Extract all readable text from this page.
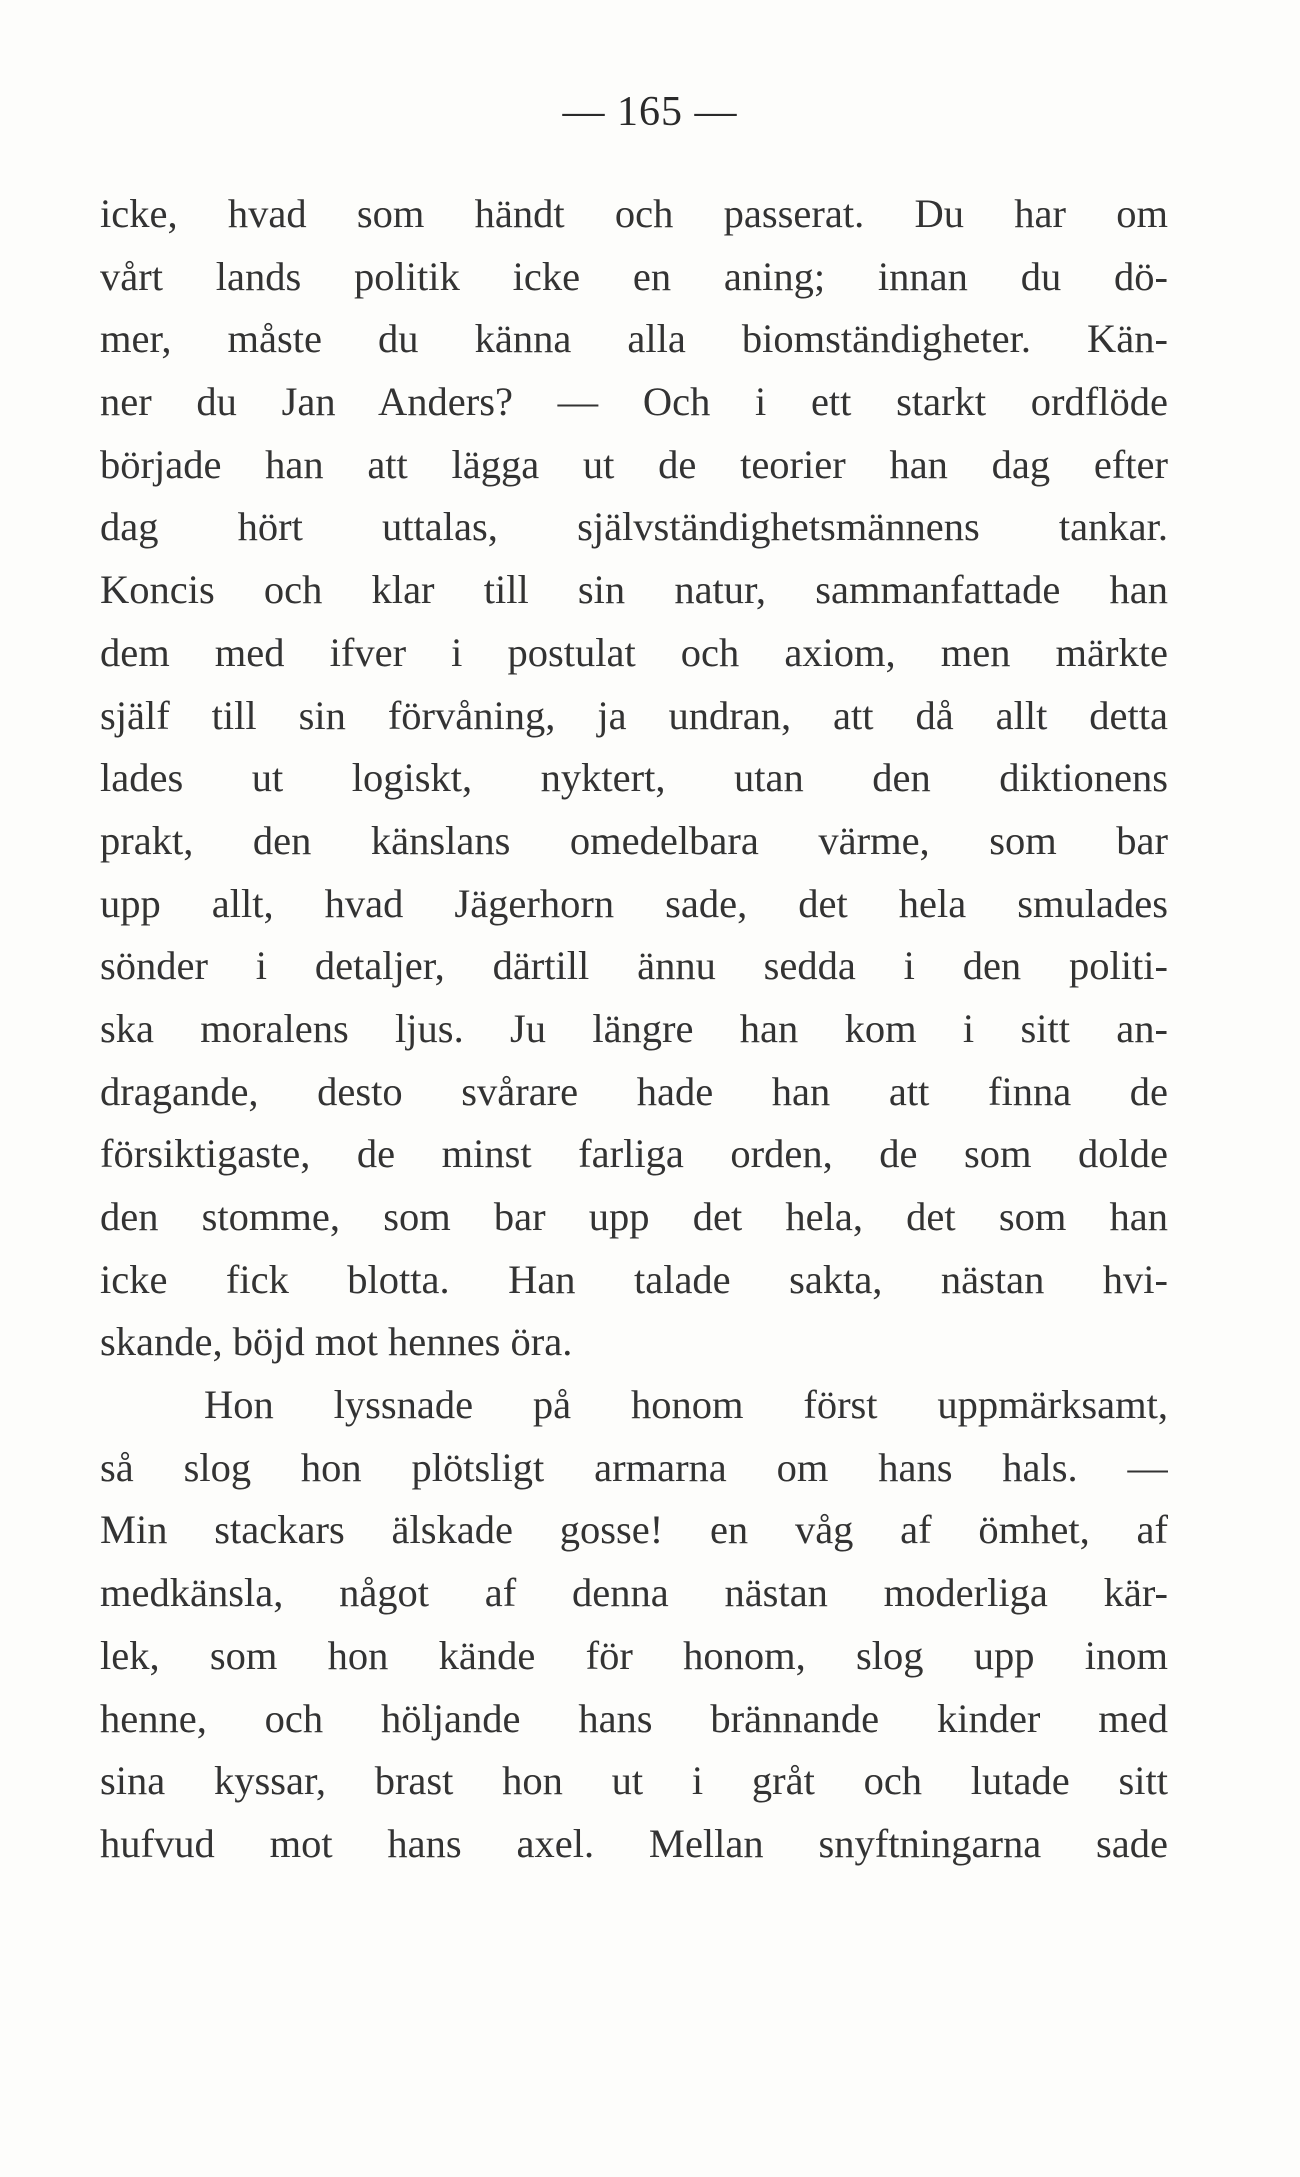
— 165 —
icke, hvad som händt och passerat. Du har om
vårt lands politik icke en aning; innan du dö-
mer, måste du känna alla biomständigheter. Kän-
ner du Jan Anders? — Och i ett starkt ordflöde
började han att lägga ut de teorier han dag efter
dag hört uttalas, självständighetsmännens tankar.
Koncis och klar till sin natur, sammanfattade han
dem med ifver i postulat och axiom, men märkte
själf till sin förvåning, ja undran, att då allt detta
lades ut logiskt, nyktert, utan den diktionens
prakt, den känslans omedelbara värme, som bar
upp allt, hvad Jägerhorn sade, det hela smulades
sönder i detaljer, därtill ännu sedda i den politi-
ska moralens ljus. Ju längre han kom i sitt an-
dragande, desto svårare hade han att finna de
försiktigaste, de minst farliga orden, de som dolde
den stomme, som bar upp det hela, det som han
icke fick blotta. Han talade sakta, nästan hvi-
skande, böjd mot hennes öra.
Hon lyssnade på honom först uppmärksamt,
så slog hon plötsligt armarna om hans hals. —
Min stackars älskade gosse! en våg af ömhet, af
medkänsla, något af denna nästan moderliga kär-
lek, som hon kände för honom, slog upp inom
henne, och höljande hans brännande kinder med
sina kyssar, brast hon ut i gråt och lutade sitt
hufvud mot hans axel. Mellan snyftningarna sade
